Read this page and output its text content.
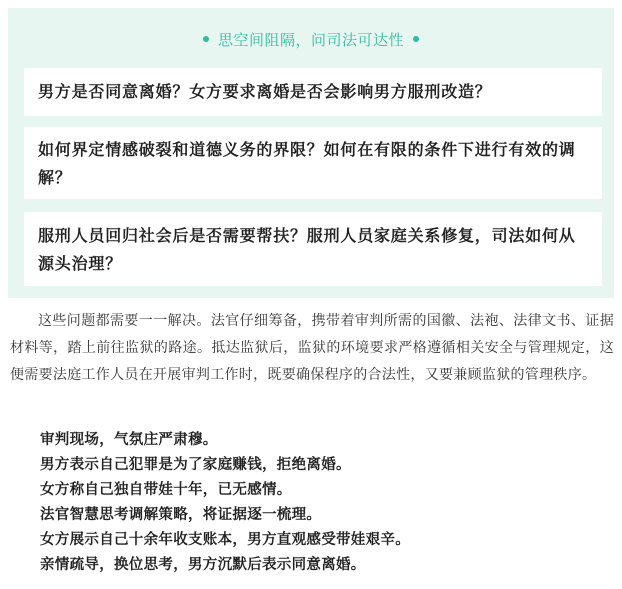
思空间阻隔，问司法可达性
男方是否同意离婚？女方要求离婚是否会影响男方服刑改造？
如何界定情感破裂和道德义务的界限？如何在有限的条件下进行有效的调解？
服刑人员回归社会后是否需要帮扶？服刑人员家庭关系修复，司法如何从源头治理？

这些问题都需要一一解决。法官仔细筹备，携带着审判所需的国徽、法袍、法律文书、证据材料等，踏上前往监狱的路途。抵达监狱后，监狱的环境要求严格遵循相关安全与管理规定，这便需要法庭工作人员在开展审判工作时，既要确保程序的合法性，又要兼顾监狱的管理秩序。

审判现场，气氛庄严肃穆。
男方表示自己犯罪是为了家庭赚钱，拒绝离婚。
女方称自己独自带娃十年，已无感情。
法官智慧思考调解策略，将证据逐一梳理。
女方展示自己十余年收支账本，男方直观感受带娃艰辛。
亲情疏导，换位思考，男方沉默后表示同意离婚。
